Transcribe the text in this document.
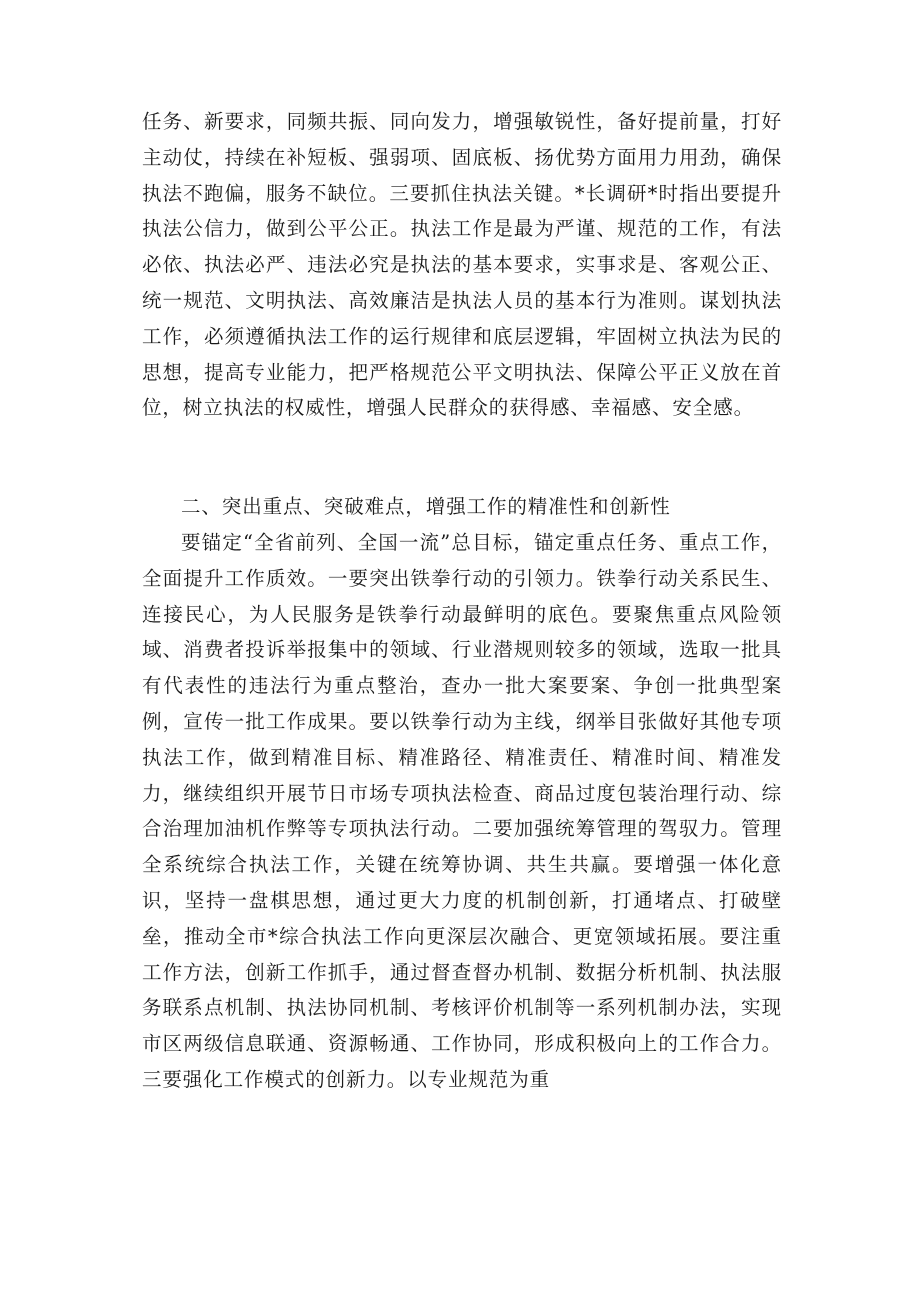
任务、新要求，同频共振、同向发力，增强敏锐性，备好提前量，打好主动仗，持续在补短板、强弱项、固底板、扬优势方面用力用劲，确保执法不跑偏，服务不缺位。三要抓住执法关键。*长调研*时指出要提升执法公信力，做到公平公正。执法工作是最为严谨、规范的工作，有法必依、执法必严、违法必究是执法的基本要求，实事求是、客观公正、统一规范、文明执法、高效廉洁是执法人员的基本行为准则。谋划执法工作，必须遵循执法工作的运行规律和底层逻辑，牢固树立执法为民的思想，提高专业能力，把严格规范公平文明执法、保障公平正义放在首位，树立执法的权威性，增强人民群众的获得感、幸福感、安全感。

二、突出重点、突破难点，增强工作的精准性和创新性

要锚定“全省前列、全国一流”总目标，锚定重点任务、重点工作，全面提升工作质效。一要突出铁拳行动的引领力。铁拳行动关系民生、连接民心，为人民服务是铁拳行动最鲜明的底色。要聚焦重点风险领域、消费者投诉举报集中的领域、行业潜规则较多的领域，选取一批具有代表性的违法行为重点整治，查办一批大案要案、争创一批典型案例，宣传一批工作成果。要以铁拳行动为主线，纲举目张做好其他专项执法工作，做到精准目标、精准路径、精准责任、精准时间、精准发力，继续组织开展节日市场专项执法检查、商品过度包装治理行动、综合治理加油机作弊等专项执法行动。二要加强统筹管理的驾驭力。管理全系统综合执法工作，关键在统筹协调、共生共赢。要增强一体化意识，坚持一盘棋思想，通过更大力度的机制创新，打通堵点、打破壁垒，推动全市*综合执法工作向更深层次融合、更宽领域拓展。要注重工作方法，创新工作抓手，通过督查督办机制、数据分析机制、执法服务联系点机制、执法协同机制、考核评价机制等一系列机制办法，实现市区两级信息联通、资源畅通、工作协同，形成积极向上的工作合力。三要强化工作模式的创新力。以专业规范为重
